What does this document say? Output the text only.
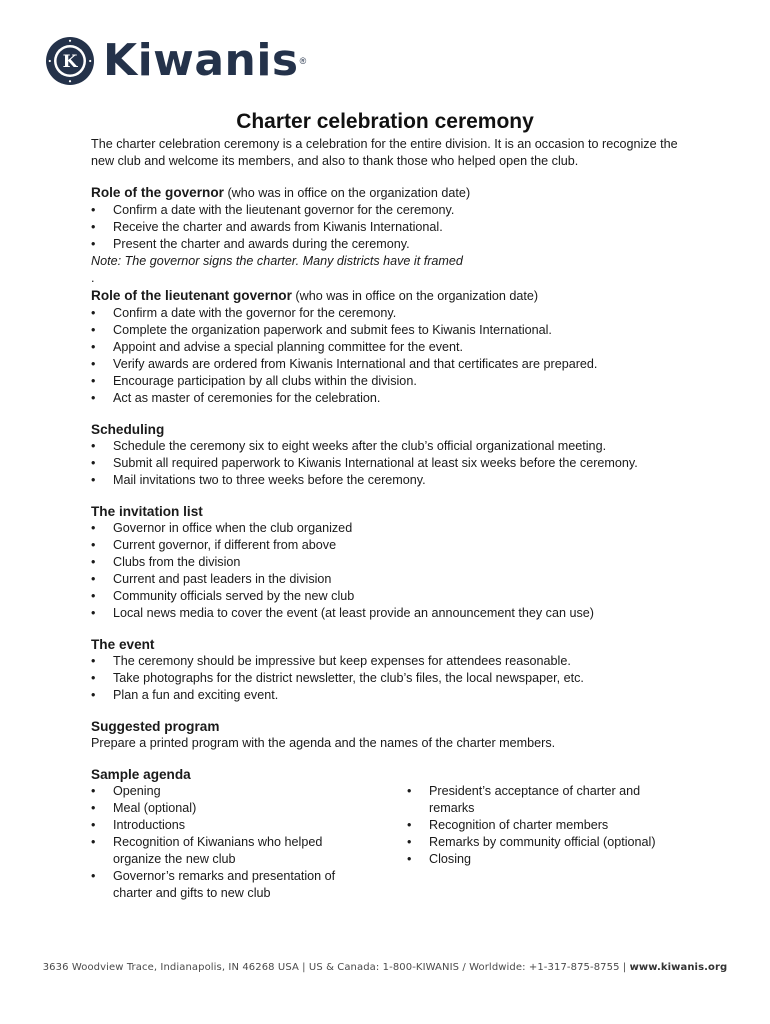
K Kiwanis ®
Charter celebration ceremony

The charter celebration ceremony is a celebration for the entire division. It is an occasion to recognize the new club and welcome its members, and also to thank those who helped open the club.

Role of the governor (who was in office on the organization date)

• Confirm a date with the lieutenant governor for the ceremony.
• Receive the charter and awards from Kiwanis International.
• Present the charter and awards during the ceremony.

Note: The governor signs the charter. Many districts have it framed

.

Role of the lieutenant governor (who was in office on the organization date)

• Confirm a date with the governor for the ceremony.
• Complete the organization paperwork and submit fees to Kiwanis International.
• Appoint and advise a special planning committee for the event.
• Verify awards are ordered from Kiwanis International and that certificates are prepared.
• Encourage participation by all clubs within the division.
• Act as master of ceremonies for the celebration.

Scheduling

• Schedule the ceremony six to eight weeks after the club’s official organizational meeting.
• Submit all required paperwork to Kiwanis International at least six weeks before the ceremony.
• Mail invitations two to three weeks before the ceremony.

The invitation list

• Governor in office when the club organized
• Current governor, if different from above
• Clubs from the division
• Current and past leaders in the division
• Community officials served by the new club
• Local news media to cover the event (at least provide an announcement they can use)

The event

• The ceremony should be impressive but keep expenses for attendees reasonable.
• Take photographs for the district newsletter, the club’s files, the local newspaper, etc.
• Plan a fun and exciting event.

Suggested program

Prepare a printed program with the agenda and the names of the charter members.

Sample agenda

• Opening
• Meal (optional)
• Introductions
• Recognition of Kiwanians who helped organize the new club
• Governor’s remarks and presentation of charter and gifts to new club
• President’s acceptance of charter and remarks
• Recognition of charter members
• Remarks by community official (optional)
• Closing
3636 Woodview Trace, Indianapolis, IN 46268 USA | US & Canada: 1-800-KIWANIS / Worldwide: +1-317-875-8755 | www.kiwanis.org
